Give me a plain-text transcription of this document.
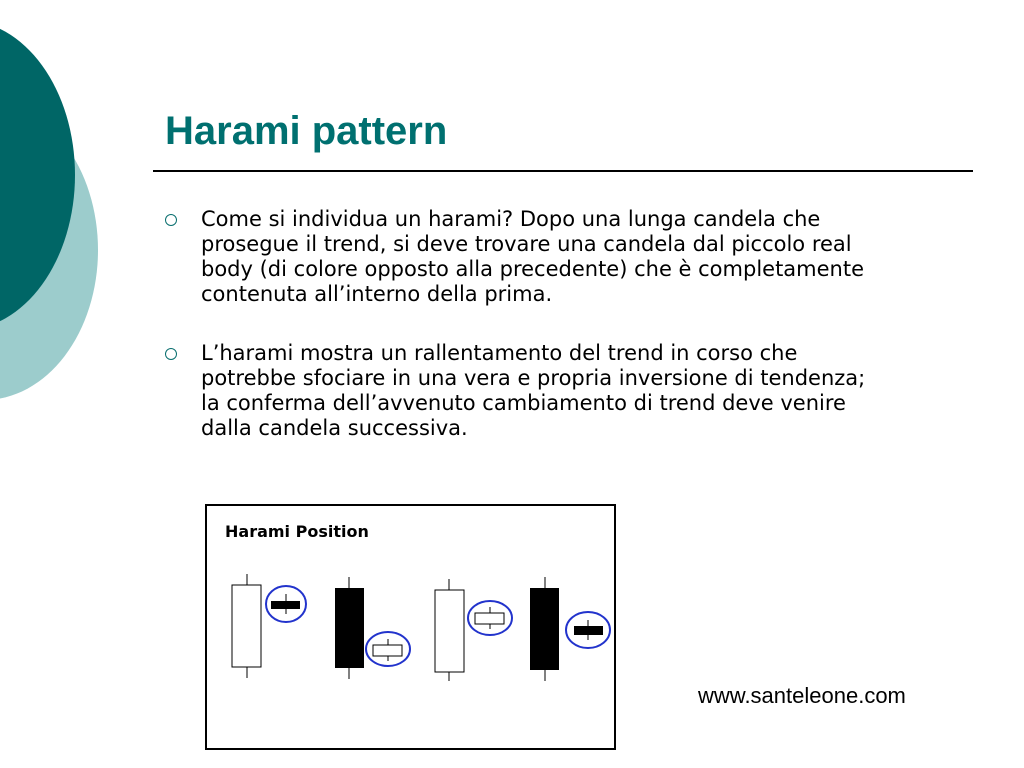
Harami pattern
Come si individua un harami? Dopo una lunga candela che prosegue il trend, si deve trovare una candela dal piccolo real body (di colore opposto alla precedente) che è completamente contenuta all’interno della prima.
L’harami mostra un rallentamento del trend in corso che potrebbe sfociare in una vera e propria inversione di tendenza; la conferma dell’avvenuto cambiamento di trend deve venire dalla candela successiva.
Harami Position
www.santeleone.com
